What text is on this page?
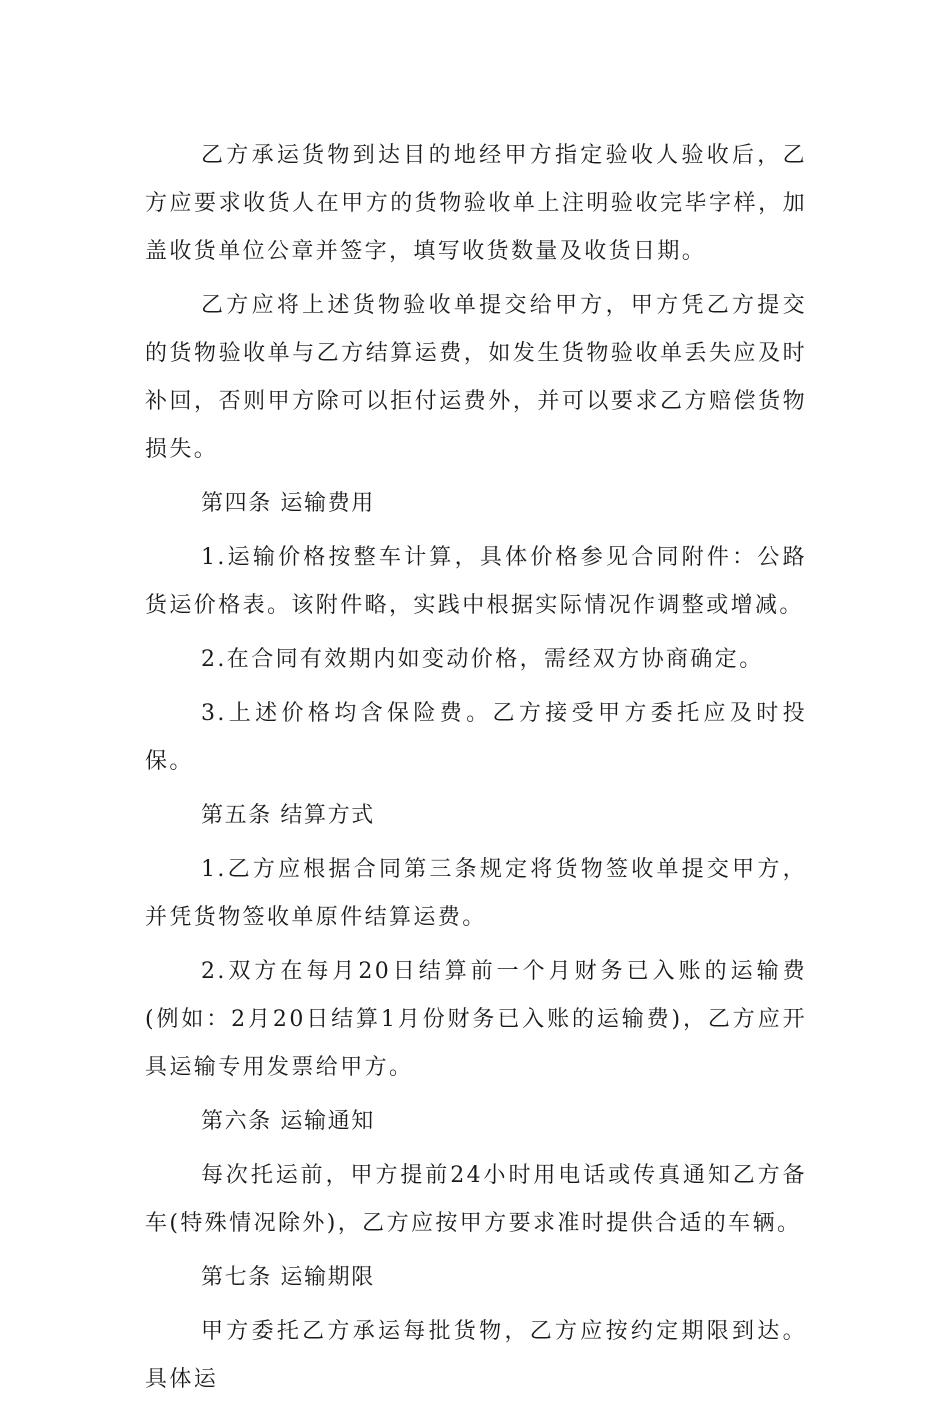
乙方承运货物到达目的地经甲方指定验收人验收后，乙方应要求收货人在甲方的货物验收单上注明验收完毕字样，加盖收货单位公章并签字，填写收货数量及收货日期。

乙方应将上述货物验收单提交给甲方，甲方凭乙方提交的货物验收单与乙方结算运费，如发生货物验收单丢失应及时补回，否则甲方除可以拒付运费外，并可以要求乙方赔偿货物损失。

第四条 运输费用

1.运输价格按整车计算，具体价格参见合同附件：公路货运价格表。该附件略，实践中根据实际情况作调整或增减。

2.在合同有效期内如变动价格，需经双方协商确定。

3.上述价格均含保险费。乙方接受甲方委托应及时投保。

第五条 结算方式

1.乙方应根据合同第三条规定将货物签收单提交甲方，并凭货物签收单原件结算运费。

2.双方在每月20日结算前一个月财务已入账的运输费(例如：2月20日结算1月份财务已入账的运输费)，乙方应开具运输专用发票给甲方。

第六条 运输通知

每次托运前，甲方提前24小时用电话或传真通知乙方备车(特殊情况除外)，乙方应按甲方要求准时提供合适的车辆。

第七条 运输期限

甲方委托乙方承运每批货物，乙方应按约定期限到达。具体运
